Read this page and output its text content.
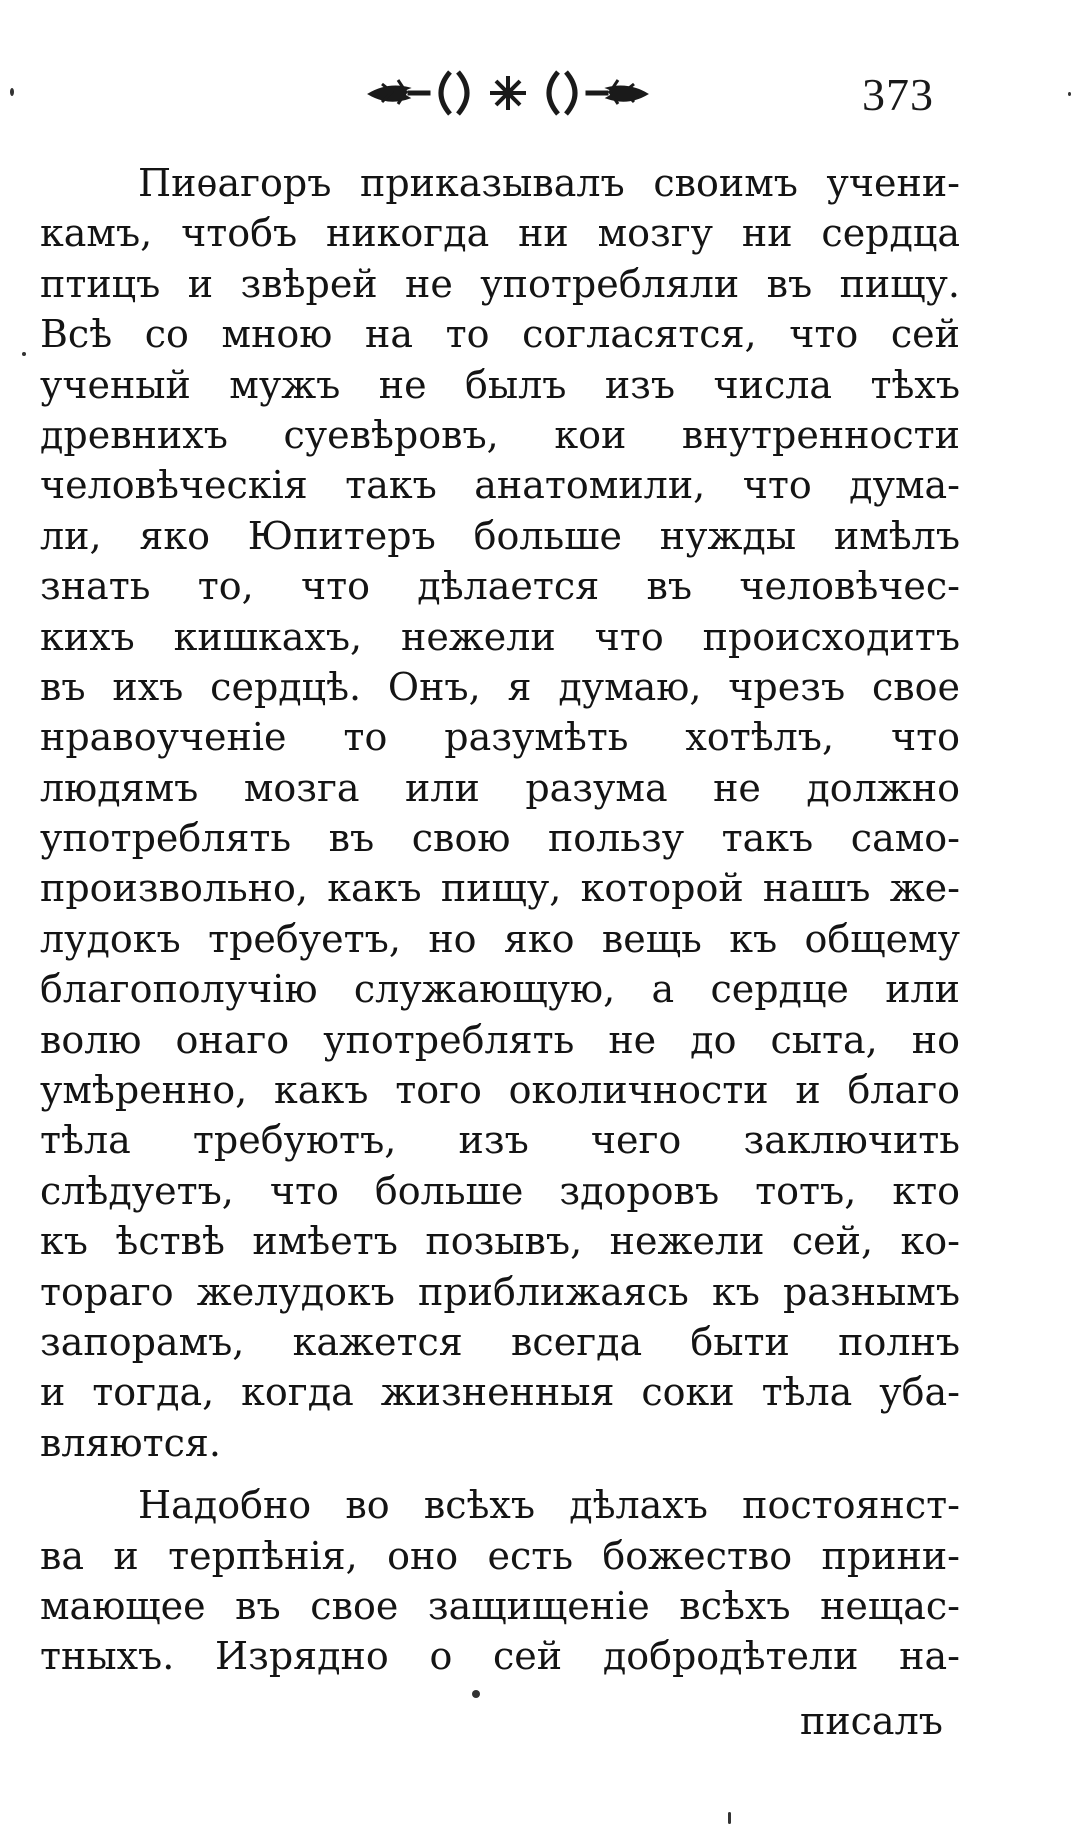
373
Пиѳагоръ приказывалъ своимъ учени-
камъ, чтобъ никогда ни мозгу ни сердца
птицъ и звѣрей не употребляли въ пищу.
Всѣ со мною на то согласятся, что сей
ученый мужъ не былъ изъ числа тѣхъ
древнихъ суевѣровъ, кои внутренности
человѣческія такъ анатомили, что дума-
ли, яко Юпитеръ больше нужды имѣлъ
знать то, что дѣлается въ человѣчес-
кихъ кишкахъ, нежели что происходитъ
въ ихъ сердцѣ. Онъ, я думаю, чрезъ свое
нравоученіе то разумѣть хотѣлъ, что
людямъ мозга или разума не должно
употреблять въ свою пользу такъ само-
произвольно, какъ пищу, которой нашъ же-
лудокъ требуетъ, но яко вещь къ общему
благополучію служающую, а сердце или
волю онаго употреблять не до сыта, но
умѣренно, какъ того околичности и благо
тѣла требуютъ, изъ чего заключить
слѣдуетъ, что больше здоровъ тотъ, кто
къ ѣствѣ имѣетъ позывъ, нежели сей, ко-
тораго желудокъ приближаясь къ разнымъ
запорамъ, кажется всегда быти полнъ
и тогда, когда жизненныя соки тѣла уба-
вляются.
Надобно во всѣхъ дѣлахъ постоянст-
ва и терпѣнія, оно есть божество прини-
мающее въ свое защищеніе всѣхъ нещас-
тныхъ. Изрядно о сей добродѣтели на-
писалъ
